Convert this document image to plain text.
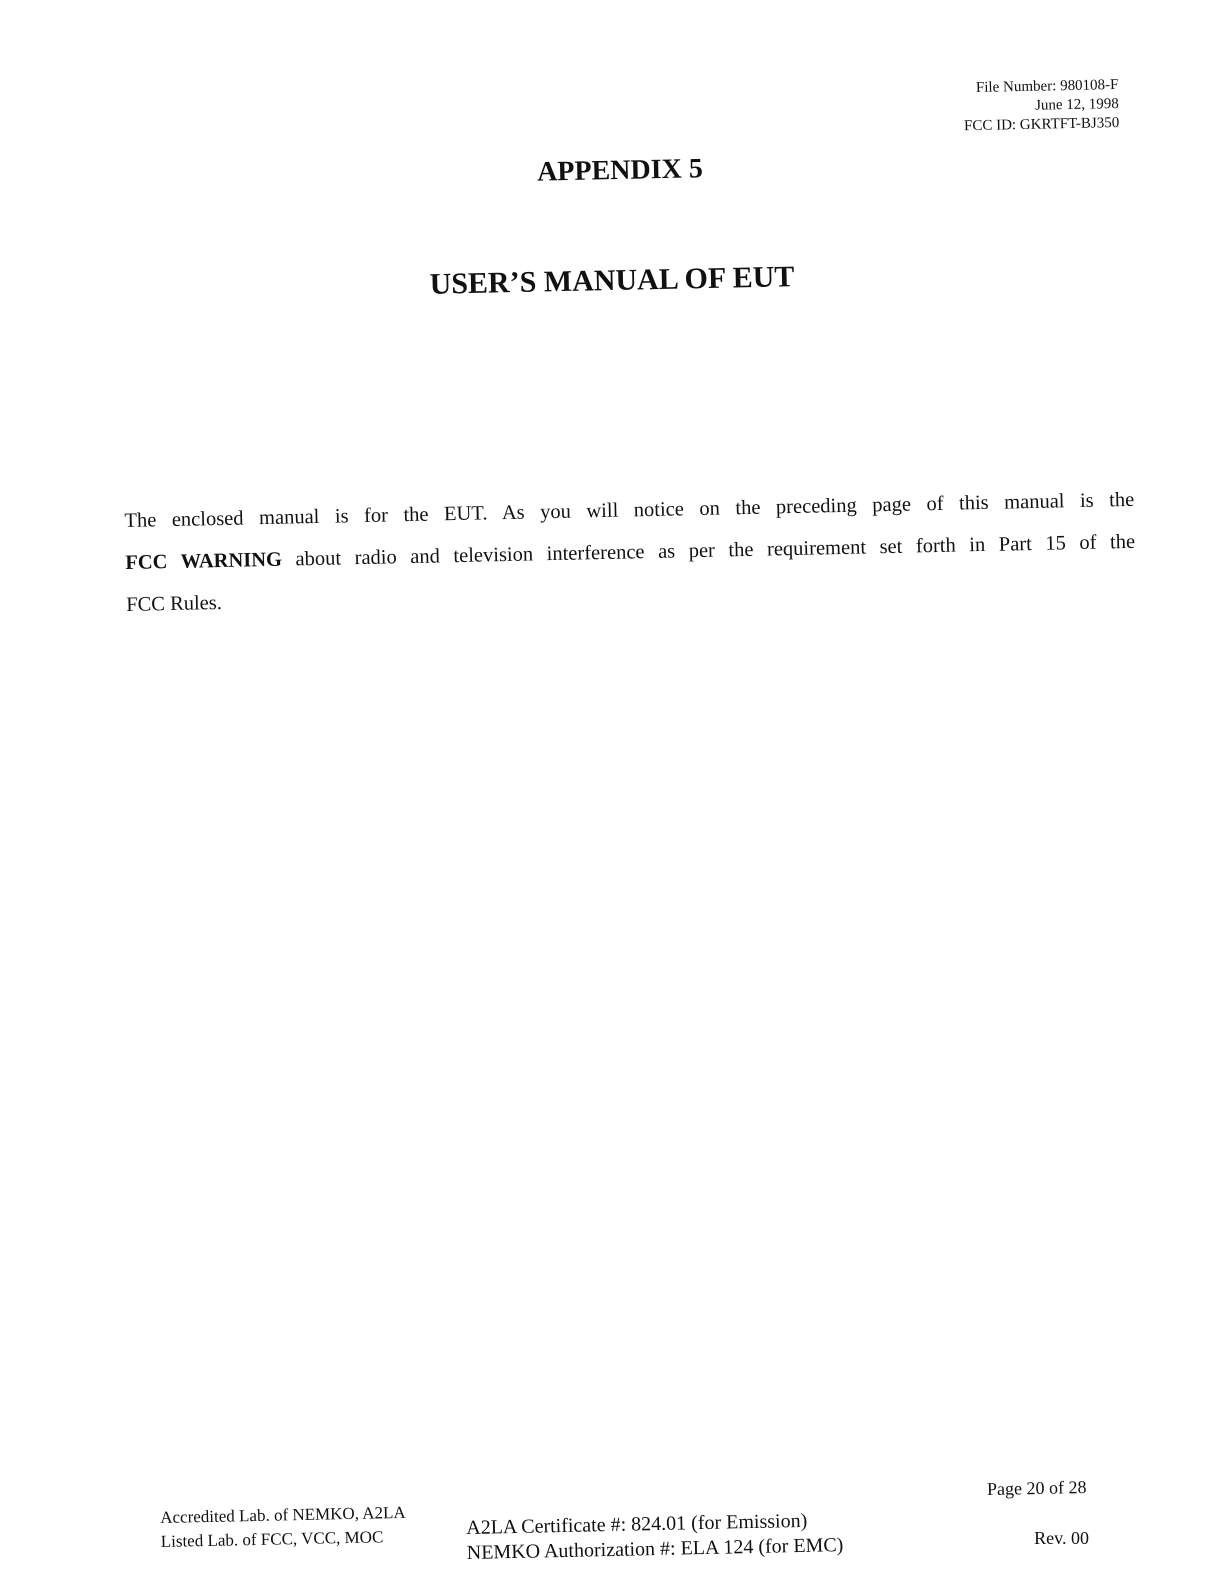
File Number: 980108-F
June 12, 1998
FCC ID: GKRTFT-BJ350
APPENDIX 5
USER’S MANUAL OF EUT
The enclosed manual is for the EUT. As you will notice on the preceding page of this manual is the
FCC WARNING about radio and television interference as per the requirement set forth in Part 15 of the
FCC Rules.
Accredited Lab. of NEMKO, A2LA
Listed Lab. of FCC, VCC, MOC
A2LA Certificate #: 824.01 (for Emission)
NEMKO Authorization #: ELA 124 (for EMC)
Page 20 of 28
Rev. 00
